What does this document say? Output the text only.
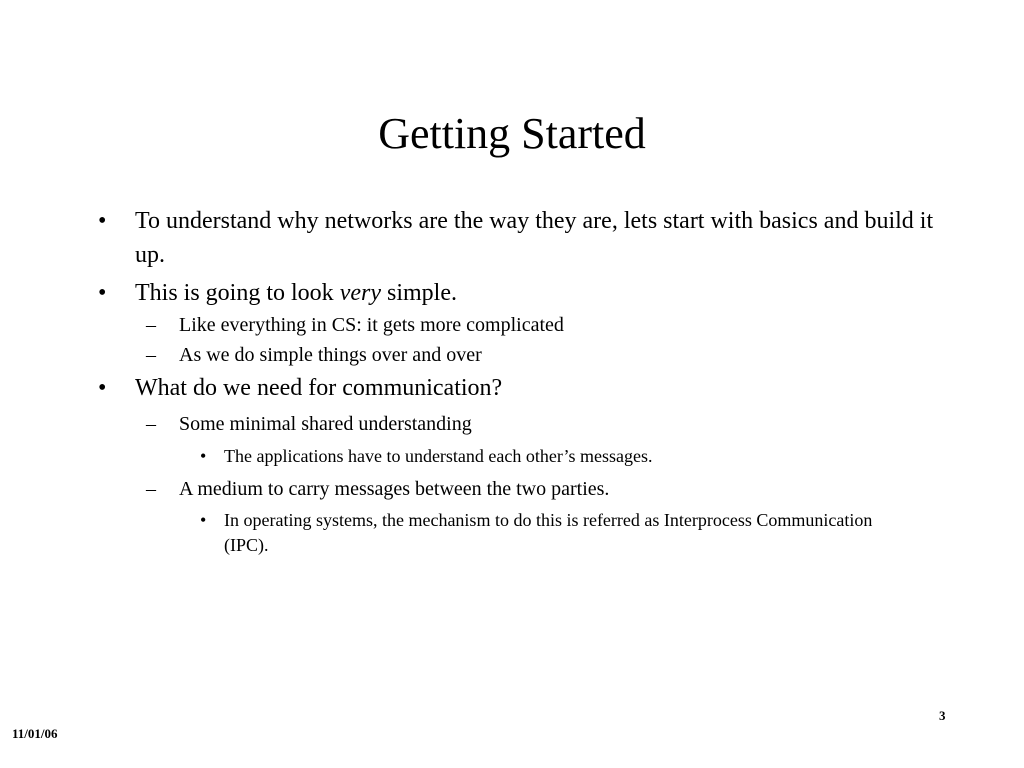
Getting Started
• To understand why networks are the way they are, lets start with basics and build it up.
• This is going to look very simple.
– Like everything in CS: it gets more complicated
– As we do simple things over and over
• What do we need for communication?
– Some minimal shared understanding
• The applications have to understand each other’s messages.
– A medium to carry messages between the two parties.
• In operating systems, the mechanism to do this is referred as Interprocess Communication (IPC).
3
11/01/06
